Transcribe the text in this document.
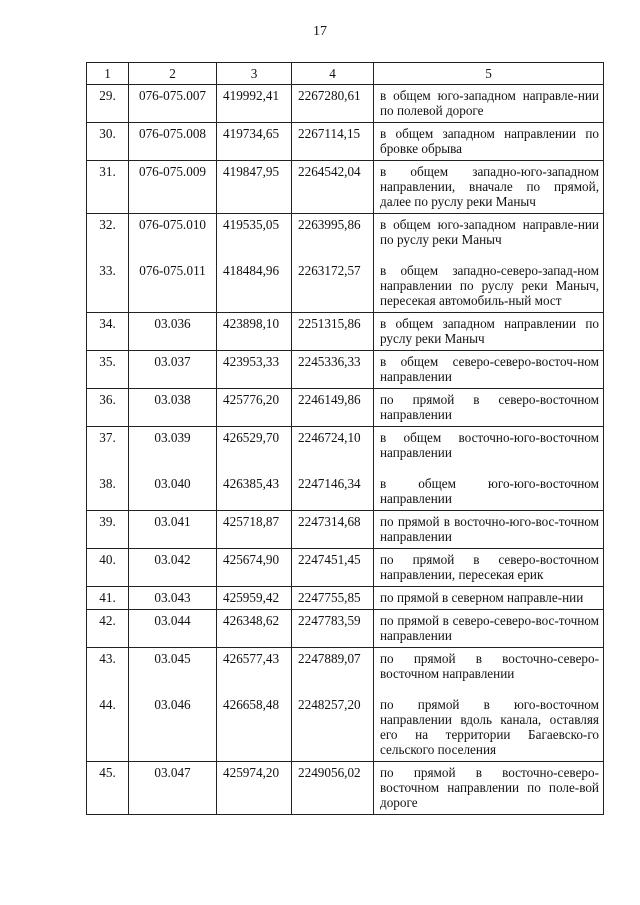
17
1	2	3	4	5
29.	076-075.007	419992,41	2267280,61	в общем юго-западном направле-нии по полевой дороге
30.	076-075.008	419734,65	2267114,15	в общем западном направлении по бровке обрыва
31.	076-075.009	419847,95	2264542,04	в общем западно-юго-западном направлении, вначале по прямой, далее по руслу реки Маныч
32.	076-075.010	419535,05	2263995,86	в общем юго-западном направле-нии по руслу реки Маныч
33.	076-075.011	418484,96	2263172,57	в общем западно-северо-запад-ном направлении по руслу реки Маныч, пересекая автомобиль-ный мост
34.	03.036	423898,10	2251315,86	в общем западном направлении по руслу реки Маныч
35.	03.037	423953,33	2245336,33	в общем северо-северо-восточ-ном направлении
36.	03.038	425776,20	2246149,86	по прямой в северо-восточном направлении
37.	03.039	426529,70	2246724,10	в общем восточно-юго-восточном направлении
38.	03.040	426385,43	2247146,34	в общем юго-юго-восточном направлении
39.	03.041	425718,87	2247314,68	по прямой в восточно-юго-вос-точном направлении
40.	03.042	425674,90	2247451,45	по прямой в северо-восточном направлении, пересекая ерик
41.	03.043	425959,42	2247755,85	по прямой в северном направле-нии
42.	03.044	426348,62	2247783,59	по прямой в северо-северо-вос-точном направлении
43.	03.045	426577,43	2247889,07	по прямой в восточно-северо-восточном направлении
44.	03.046	426658,48	2248257,20	по прямой в юго-восточном направлении вдоль канала, оставляя его на территории Багаевско-го сельского поселения
45.	03.047	425974,20	2249056,02	по прямой в восточно-северо-восточном направлении по поле-вой дороге
